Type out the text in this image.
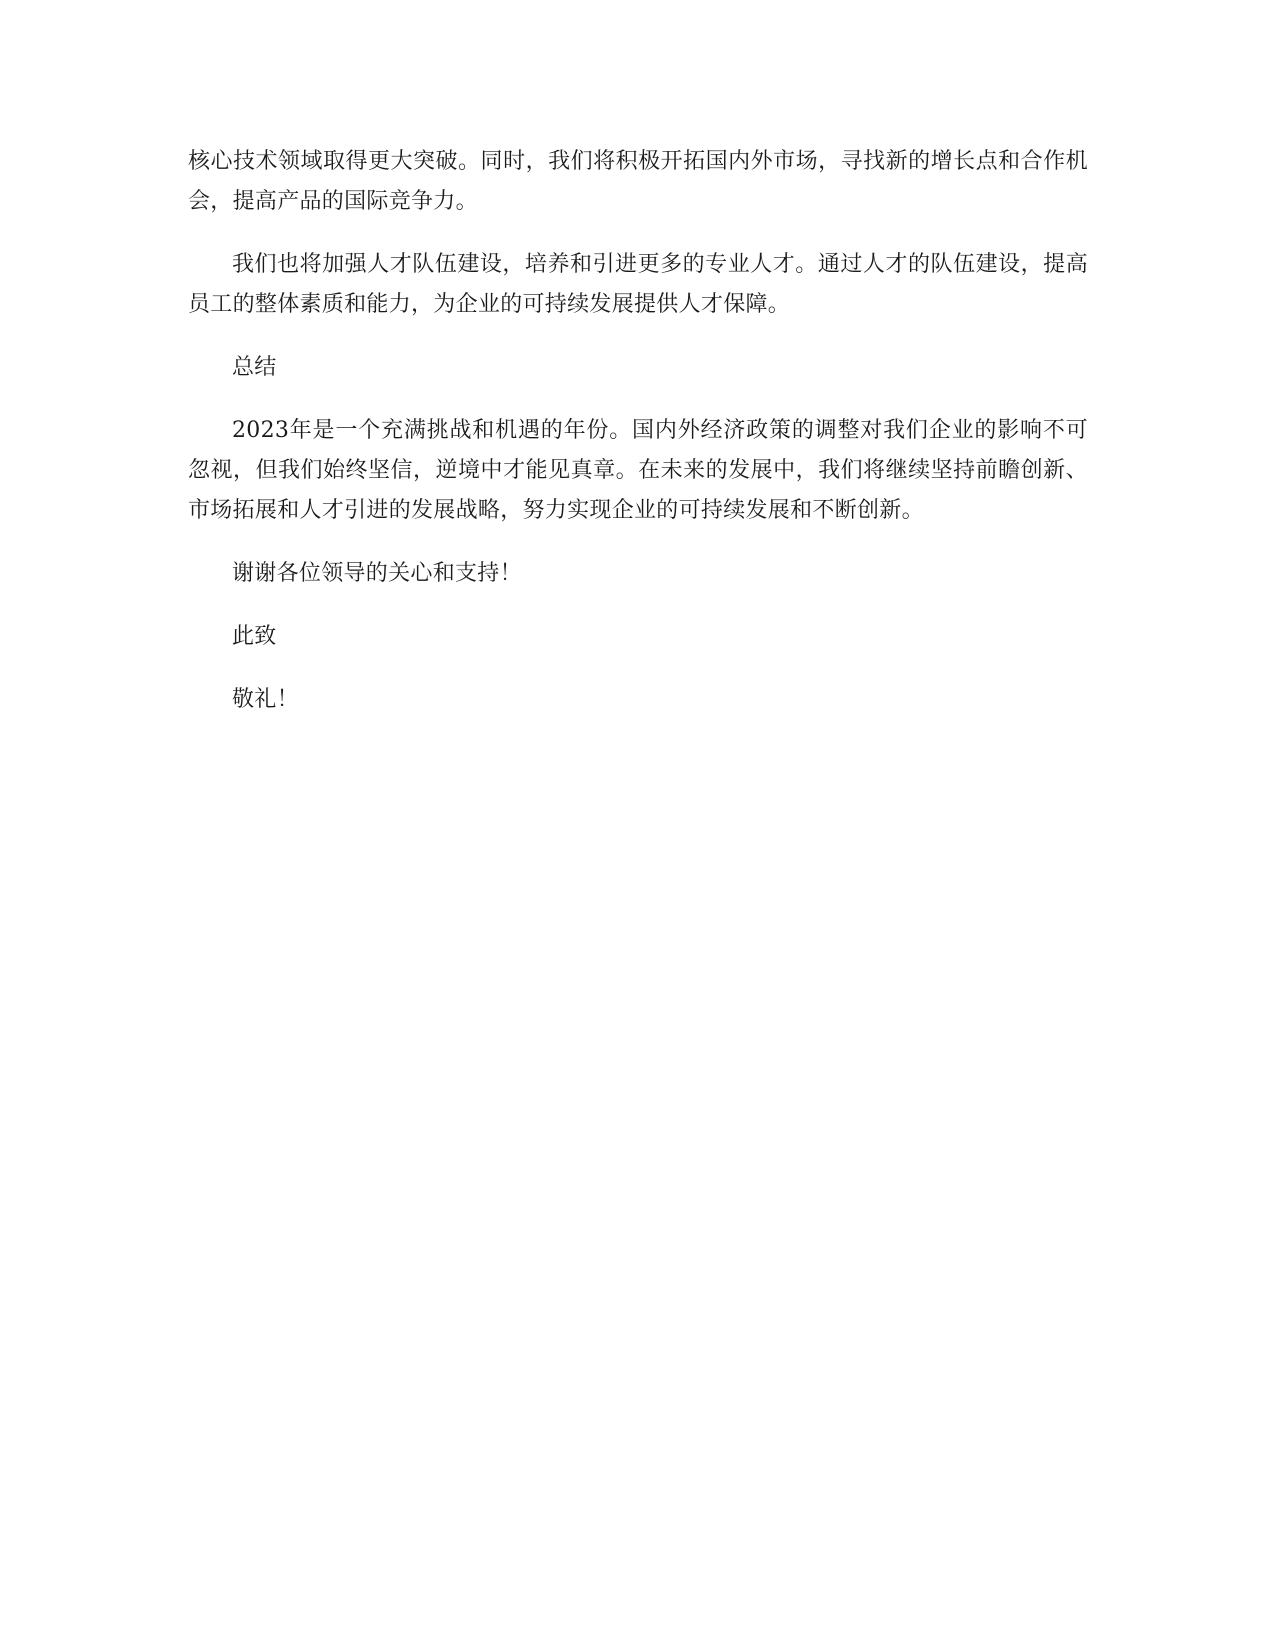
核心技术领域取得更大突破。同时，我们将积极开拓国内外市场，寻找新的增长点和合作机会，提高产品的国际竞争力。

我们也将加强人才队伍建设，培养和引进更多的专业人才。通过人才的队伍建设，提高员工的整体素质和能力，为企业的可持续发展提供人才保障。

总结

2023年是一个充满挑战和机遇的年份。国内外经济政策的调整对我们企业的影响不可忽视，但我们始终坚信，逆境中才能见真章。在未来的发展中，我们将继续坚持前瞻创新、市场拓展和人才引进的发展战略，努力实现企业的可持续发展和不断创新。

谢谢各位领导的关心和支持！

此致

敬礼！
